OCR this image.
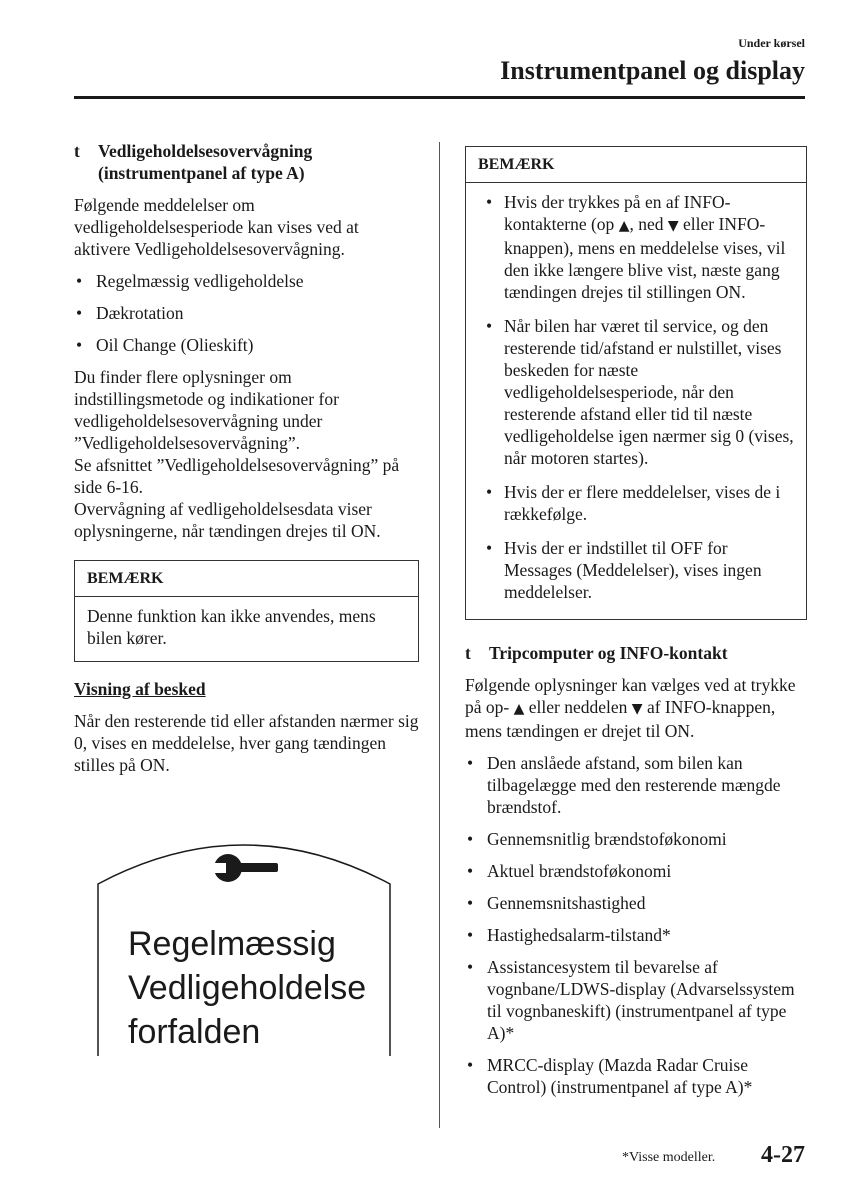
Under kørsel
Instrumentpanel og display
t Vedligeholdelsesovervågning (instrumentpanel af type A)

Følgende meddelelser om vedligeholdelsesperiode kan vises ved at aktivere Vedligeholdelsesovervågning.

• Regelmæssig vedligeholdelse
• Dækrotation
• Oil Change (Olieskift)

Du finder flere oplysninger om indstillingsmetode og indikationer for vedligeholdelsesovervågning under ”Vedligeholdelsesovervågning”.
Se afsnittet ”Vedligeholdelsesovervågning” på side 6-16.
Overvågning af vedligeholdelsesdata viser oplysningerne, når tændingen drejes til ON.

BEMÆRK

Denne funktion kan ikke anvendes, mens bilen kører.

Visning af besked

Når den resterende tid eller afstanden nærmer sig 0, vises en meddelelse, hver gang tændingen stilles på ON.

Regelmæssig
Vedligeholdelse
forfalden
BEMÆRK
• Hvis der trykkes på en af INFO-kontakterne (op ▲, ned ▼ eller INFO-knappen), mens en meddelelse vises, vil den ikke længere blive vist, næste gang tændingen drejes til stillingen ON.
• Når bilen har været til service, og den resterende tid/afstand er nulstillet, vises beskeden for næste vedligeholdelsesperiode, når den resterende afstand eller tid til næste vedligeholdelse igen nærmer sig 0 (vises, når motoren startes).
• Hvis der er flere meddelelser, vises de i rækkefølge.
• Hvis der er indstillet til OFF for Messages (Meddelelser), vises ingen meddelelser.
t Tripcomputer og INFO-kontakt

Følgende oplysninger kan vælges ved at trykke på op- ▲ eller neddelen ▼ af INFO-knappen, mens tændingen er drejet til ON.

• Den anslåede afstand, som bilen kan tilbagelægge med den resterende mængde brændstof.
• Gennemsnitlig brændstoføkonomi
• Aktuel brændstoføkonomi
• Gennemsnitshastighed
• Hastighedsalarm-tilstand*
• Assistancesystem til bevarelse af vognbane/LDWS-display (Advarselssystem til vognbaneskift) (instrumentpanel af type A)*
• MRCC-display (Mazda Radar Cruise Control) (instrumentpanel af type A)*
*Visse modeller. 4-27
